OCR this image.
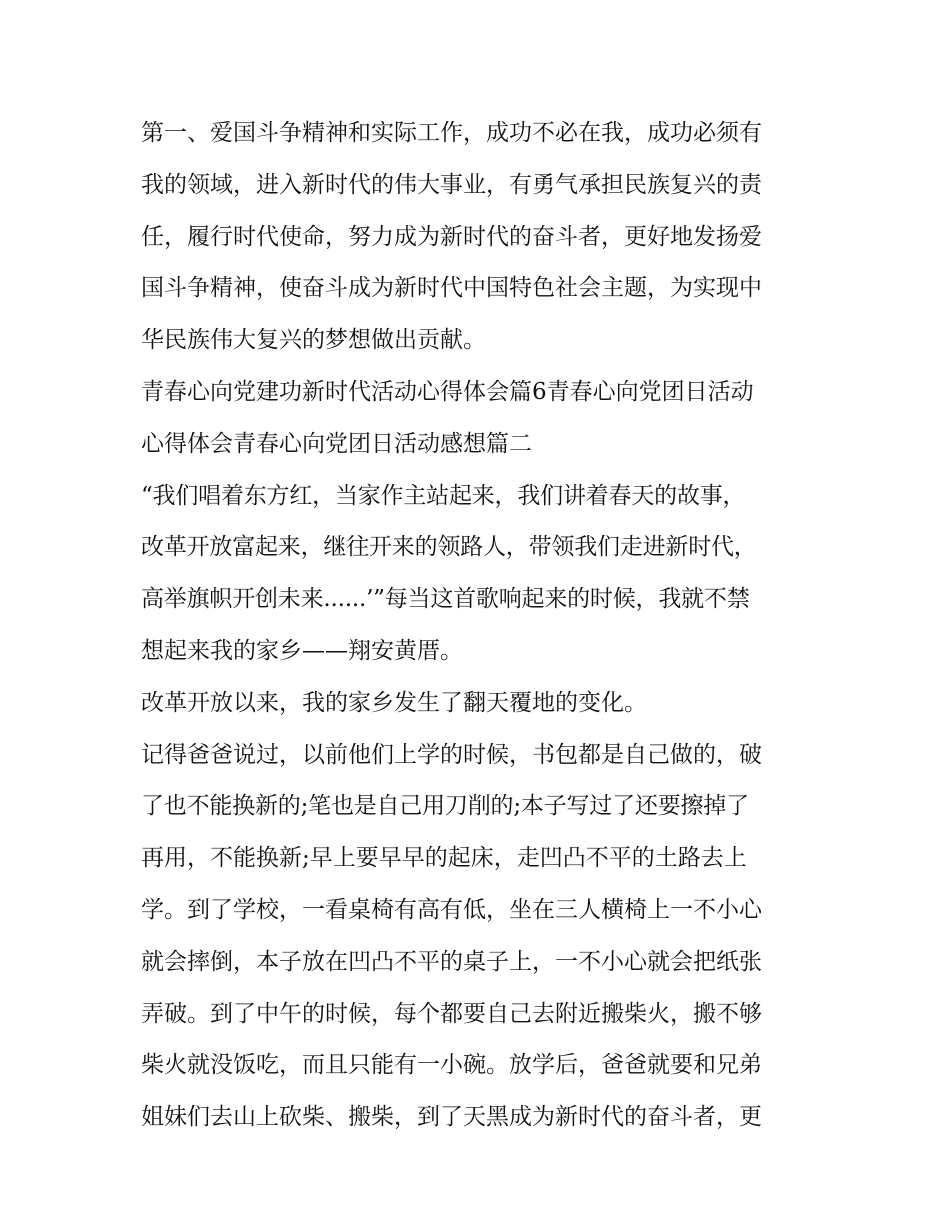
第一、爱国斗争精神和实际工作，成功不必在我，成功必须有
我的领域，进入新时代的伟大事业，有勇气承担民族复兴的责
任，履行时代使命，努力成为新时代的奋斗者，更好地发扬爱
国斗争精神，使奋斗成为新时代中国特色社会主题，为实现中
华民族伟大复兴的梦想做出贡献。
青春心向党建功新时代活动心得体会篇6青春心向党团日活动
心得体会青春心向党团日活动感想篇二
“我们唱着东方红，当家作主站起来，我们讲着春天的故事，
改革开放富起来，继往开来的领路人，带领我们走进新时代，
高举旗帜开创未来......’”每当这首歌响起来的时候，我就不禁
想起来我的家乡——翔安黄厝。
改革开放以来，我的家乡发生了翻天覆地的变化。
记得爸爸说过，以前他们上学的时候，书包都是自己做的，破
了也不能换新的;笔也是自己用刀削的;本子写过了还要擦掉了
再用，不能换新;早上要早早的起床，走凹凸不平的土路去上
学。到了学校，一看桌椅有高有低，坐在三人横椅上一不小心
就会摔倒，本子放在凹凸不平的桌子上，一不小心就会把纸张
弄破。到了中午的时候，每个都要自己去附近搬柴火，搬不够
柴火就没饭吃，而且只能有一小碗。放学后，爸爸就要和兄弟
姐妹们去山上砍柴、搬柴，到了天黑成为新时代的奋斗者，更
